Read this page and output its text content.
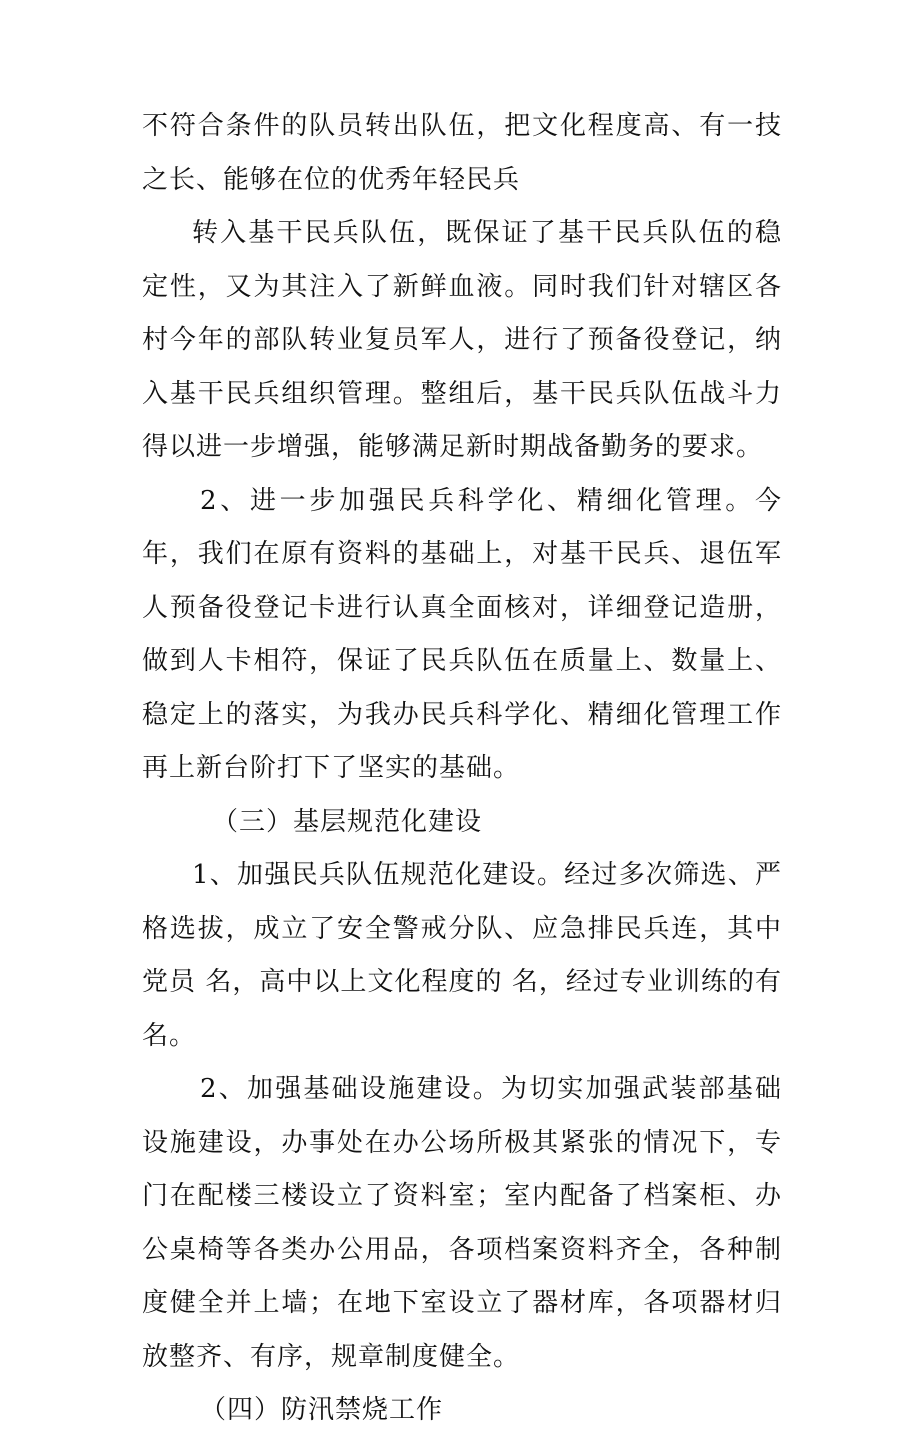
不符合条件的队员转出队伍，把文化程度高、有一技之长、能够在位的优秀年轻民兵

转入基干民兵队伍，既保证了基干民兵队伍的稳定性，又为其注入了新鲜血液。同时我们针对辖区各村今年的部队转业复员军人，进行了预备役登记，纳入基干民兵组织管理。整组后，基干民兵队伍战斗力得以进一步增强，能够满足新时期战备勤务的要求。

2、进一步加强民兵科学化、精细化管理。今年，我们在原有资料的基础上，对基干民兵、退伍军人预备役登记卡进行认真全面核对，详细登记造册，做到人卡相符，保证了民兵队伍在质量上、数量上、稳定上的落实，为我办民兵科学化、精细化管理工作再上新台阶打下了坚实的基础。

（三）基层规范化建设

1、加强民兵队伍规范化建设。经过多次筛选、严格选拔，成立了安全警戒分队、应急排民兵连，其中党员 名，高中以上文化程度的 名，经过专业训练的有 名。

2、加强基础设施建设。为切实加强武装部基础设施建设，办事处在办公场所极其紧张的情况下，专门在配楼三楼设立了资料室；室内配备了档案柜、办公桌椅等各类办公用品，各项档案资料齐全，各种制度健全并上墙；在地下室设立了器材库，各项器材归放整齐、有序，规章制度健全。

（四）防汛禁烧工作
